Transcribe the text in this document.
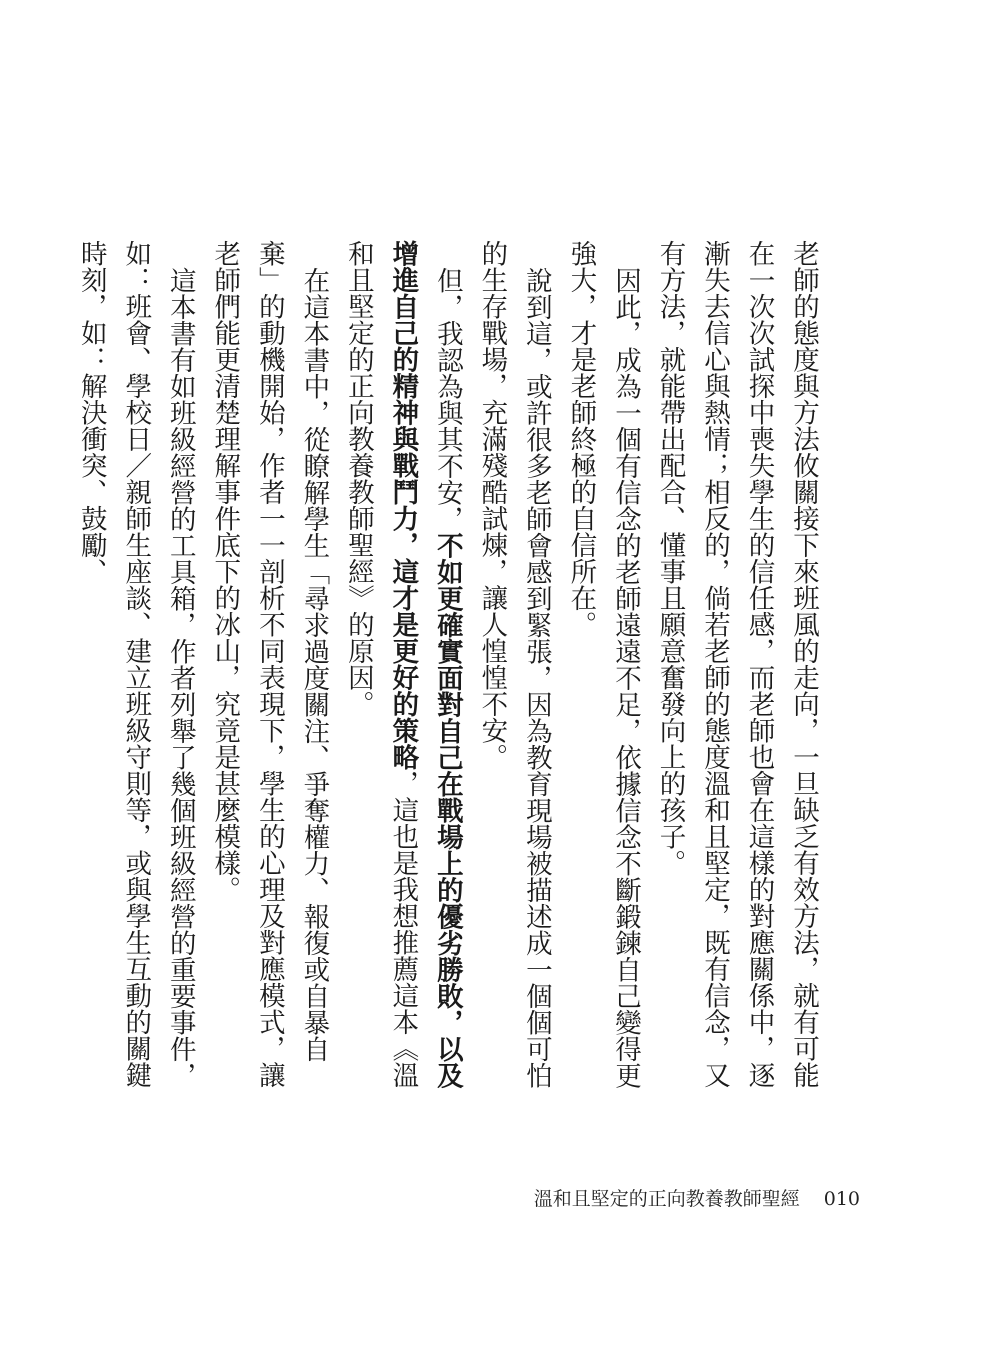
老師的態度與方法攸關接下來班風的走向，一旦缺乏有效方法，就有可能在一次次試探中喪失學生的信任感，而老師也會在這樣的對應關係中，逐漸失去信心與熱情；相反的，倘若老師的態度溫和且堅定，既有信念，又有方法，就能帶出配合、懂事且願意奮發向上的孩子。

因此，成為一個有信念的老師遠遠不足，依據信念不斷鍛鍊自己變得更強大，才是老師終極的自信所在。

說到這，或許很多老師會感到緊張，因為教育現場被描述成一個個可怕的生存戰場，充滿殘酷試煉，讓人惶惶不安。

但，我認為與其不安，不如更確實面對自己在戰場上的優劣勝敗，以及增進自己的精神與戰鬥力，這才是更好的策略，這也是我想推薦這本《溫和且堅定的正向教養教師聖經》的原因。

在這本書中，從瞭解學生「尋求過度關注、爭奪權力、報復或自暴自棄」的動機開始，作者一一剖析不同表現下，學生的心理及對應模式，讓老師們能更清楚理解事件底下的冰山，究竟是甚麼模樣。

這本書有如班級經營的工具箱，作者列舉了幾個班級經營的重要事件，如：班會、學校日／親師生座談、建立班級守則等，或與學生互動的關鍵時刻，如：解決衝突、鼓勵、

溫和且堅定的正向教養教師聖經 010
